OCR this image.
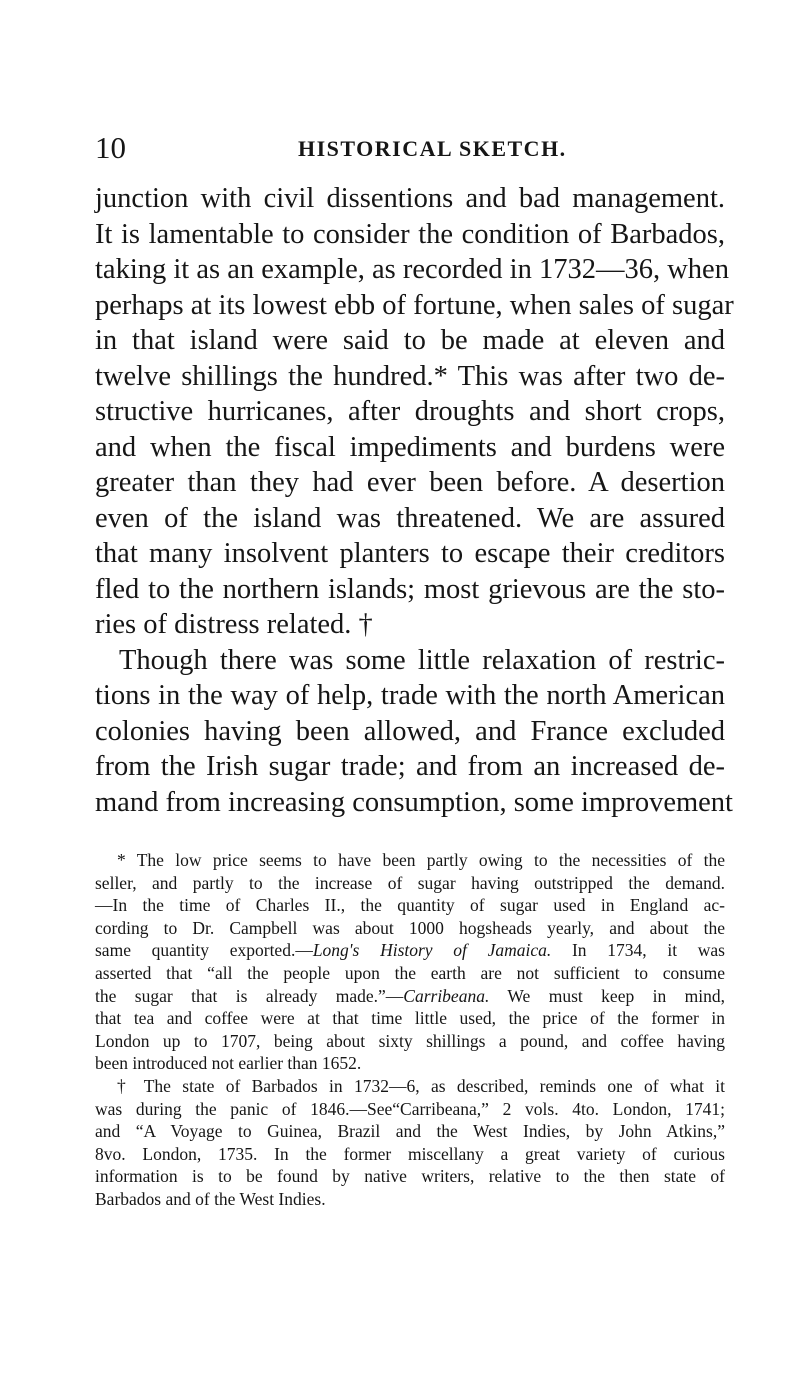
10	HISTORICAL SKETCH.
junction with civil dissentions and bad management.
It is lamentable to consider the condition of Barbados,
taking it as an example, as recorded in 1732—36, when
perhaps at its lowest ebb of fortune, when sales of sugar
in that island were said to be made at eleven and
twelve shillings the hundred.* This was after two de-
structive hurricanes, after droughts and short crops,
and when the fiscal impediments and burdens were
greater than they had ever been before. A desertion
even of the island was threatened. We are assured
that many insolvent planters to escape their creditors
fled to the northern islands; most grievous are the sto-
ries of distress related. †
Though there was some little relaxation of restric-
tions in the way of help, trade with the north American
colonies having been allowed, and France excluded
from the Irish sugar trade; and from an increased de-
mand from increasing consumption, some improvement
* The low price seems to have been partly owing to the necessities of the
seller, and partly to the increase of sugar having outstripped the demand.
—In the time of Charles II., the quantity of sugar used in England ac-
cording to Dr. Campbell was about 1000 hogsheads yearly, and about the
same quantity exported.—Long's History of Jamaica. In 1734, it was
asserted that “all the people upon the earth are not sufficient to consume
the sugar that is already made.”—Carribeana. We must keep in mind,
that tea and coffee were at that time little used, the price of the former in
London up to 1707, being about sixty shillings a pound, and coffee having
been introduced not earlier than 1652.
† The state of Barbados in 1732—6, as described, reminds one of what it
was during the panic of 1846.—See“Carribeana,” 2 vols. 4to. London, 1741;
and “A Voyage to Guinea, Brazil and the West Indies, by John Atkins,”
8vo. London, 1735. In the former miscellany a great variety of curious
information is to be found by native writers, relative to the then state of
Barbados and of the West Indies.
